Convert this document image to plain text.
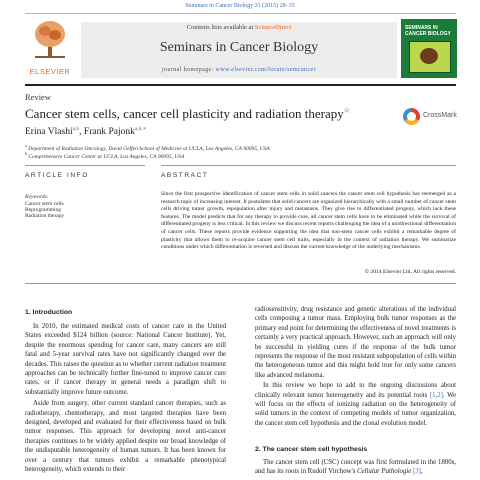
Seminars in Cancer Biology 31 (2015) 28–35
ELSEVIER
Contents lists available at ScienceDirect
Seminars in Cancer Biology
journal homepage: www.elsevier.com/locate/semcancer
SEMINARS IN CANCER BIOLOGY
Review
Cancer stem cells, cancer cell plasticity and radiation therapy☆
CrossMark
Erina Vlashi$^{a,b}$, Frank Pajonk$^{a,b,∗}$
$^a$ Department of Radiation Oncology, David Geffen School of Medicine at UCLA, Los Angeles, CA 90095, USA
$^b$ Comprehensive Cancer Center at UCLA, Los Angeles, CA 90095, USA
ARTICLE INFO	ABSTRACT
Keywords:
Cancer stem cells
Reprogramming
Radiation therapy
Since the first prospective identification of cancer stem cells in solid cancers the cancer stem cell hypothesis has reemerged as a research topic of increasing interest. It postulates that solid cancers are organized hierarchically with a small number of cancer stem cells driving tumor growth, repopulation after injury and metastasis. They give rise to differentiated progeny, which lack these features. The model predicts that for any therapy to provide cure, all cancer stem cells have to be eliminated while the survival of differentiated progeny is less critical. In this review we discuss recent reports challenging the idea of a unidirectional differentiation of cancer cells. These reports provide evidence supporting the idea that non-stem cancer cells exhibit a remarkable degree of plasticity that allows them to re-acquire cancer stem cell traits, especially in the context of radiation therapy. We summarize conditions under which differentiation is reversed and discuss the current knowledge of the underlying mechanisms.
© 2014 Elsevier Ltd. All rights reserved.
1. Introduction

In 2010, the estimated medical costs of cancer care in the United States exceeded $124 billion (source: National Cancer Institute). Yet, despite the enormous spending for cancer care, many cancers are still fatal and 5-year survival rates have not significantly changed over the decades. This raises the question as to whether current radiation treatment approaches can be technically further fine-tuned to improve cancer cure rates, or if cancer therapy in general needs a paradigm shift to substantially improve future outcome.

Aside from surgery, other current standard cancer therapies, such as radiotherapy, chemotherapy, and most targeted therapies have been designed, developed and evaluated for their effectiveness based on bulk tumor responses. This approach for developing novel anti-cancer therapies continues to be widely applied despite our broad knowledge of the undisputable heterogeneity of human tumors. It has been known for over a century that tumors exhibit a remarkable phenotypical heterogeneity, which extends to their

radiosensitivity, drug resistance and genetic alterations of the individual cells composing a tumor mass. Employing bulk tumor responses as the primary end point for determining the effectiveness of novel treatments is certainly a very practical approach. However, such an approach will only be successful in yielding cures if the response of the bulk tumor represents the response of the most resistant subpopulation of cells within the heterogeneous tumor and this might hold true for only some cancers like advanced melanoma.

In this review we hope to add to the ongoing discussions about clinically relevant tumor heterogeneity and its potential roots [1,2]. We will focus on the effects of ionizing radiation on the heterogeneity of solid tumors in the context of competing models of tumor organization, the cancer stem cell hypothesis and the clonal evolution model.

2. The cancer stem cell hypothesis

The cancer stem cell (CSC) concept was first formulated in the 1800s, and has its roots in Rudolf Virchow's Cellular Pathologie [3],
